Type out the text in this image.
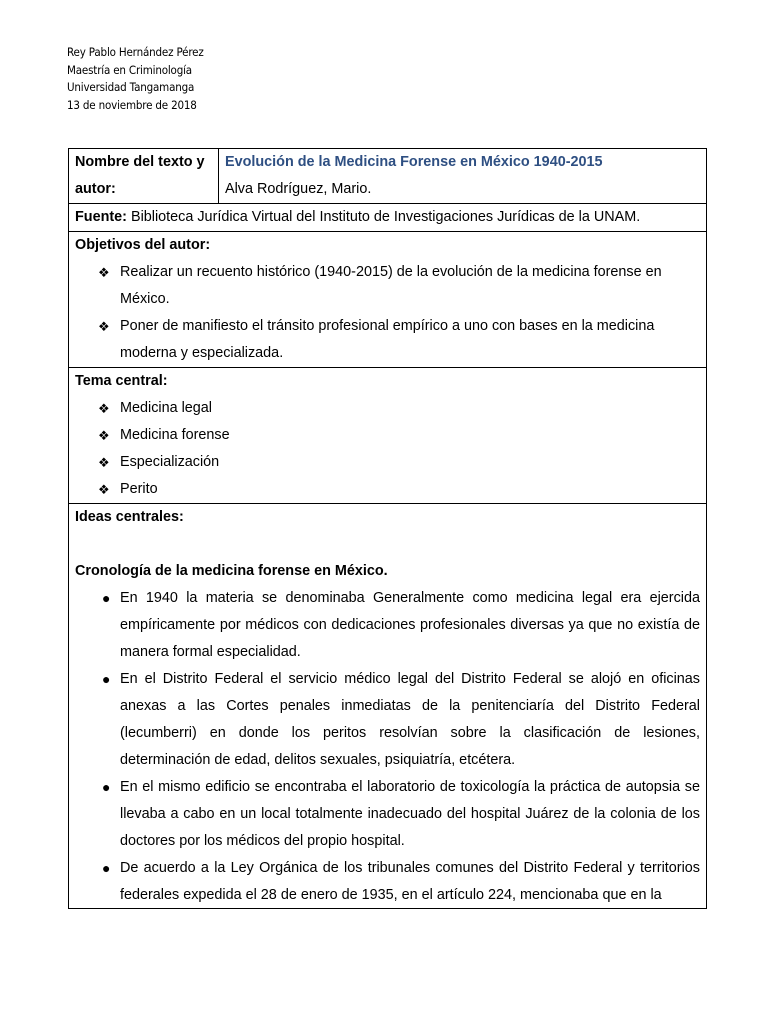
Rey Pablo Hernández Pérez
Maestría en Criminología
Universidad Tangamanga
13 de noviembre de 2018
Nombre del texto y autor:	
Evolución de la Medicina Forense en México 1940-2015
Alva Rodríguez, Mario.

Fuente: Biblioteca Jurídica Virtual del Instituto de Investigaciones Jurídicas de la UNAM.

Objetivos del autor:
❖ Realizar un recuento histórico (1940-2015) de la evolución de la medicina forense en México.
❖ Poner de manifiesto el tránsito profesional empírico a uno con bases en la medicina moderna y especializada.

Tema central:
❖ Medicina legal
❖ Medicina forense
❖ Especialización
❖ Perito

Ideas centrales:
Cronología de la medicina forense en México.
● En 1940 la materia se denominaba Generalmente como medicina legal era ejercida empíricamente por médicos con dedicaciones profesionales diversas ya que no existía de manera formal especialidad.
● En el Distrito Federal el servicio médico legal del Distrito Federal se alojó en oficinas anexas a las Cortes penales inmediatas de la penitenciaría del Distrito Federal (lecumberri) en donde los peritos resolvían sobre la clasificación de lesiones, determinación de edad, delitos sexuales, psiquiatría, etcétera.
● En el mismo edificio se encontraba el laboratorio de toxicología la práctica de autopsia se llevaba a cabo en un local totalmente inadecuado del hospital Juárez de la colonia de los doctores por los médicos del propio hospital.
● De acuerdo a la Ley Orgánica de los tribunales comunes del Distrito Federal y territorios federales expedida el 28 de enero de 1935, en el artículo 224, mencionaba que en la
